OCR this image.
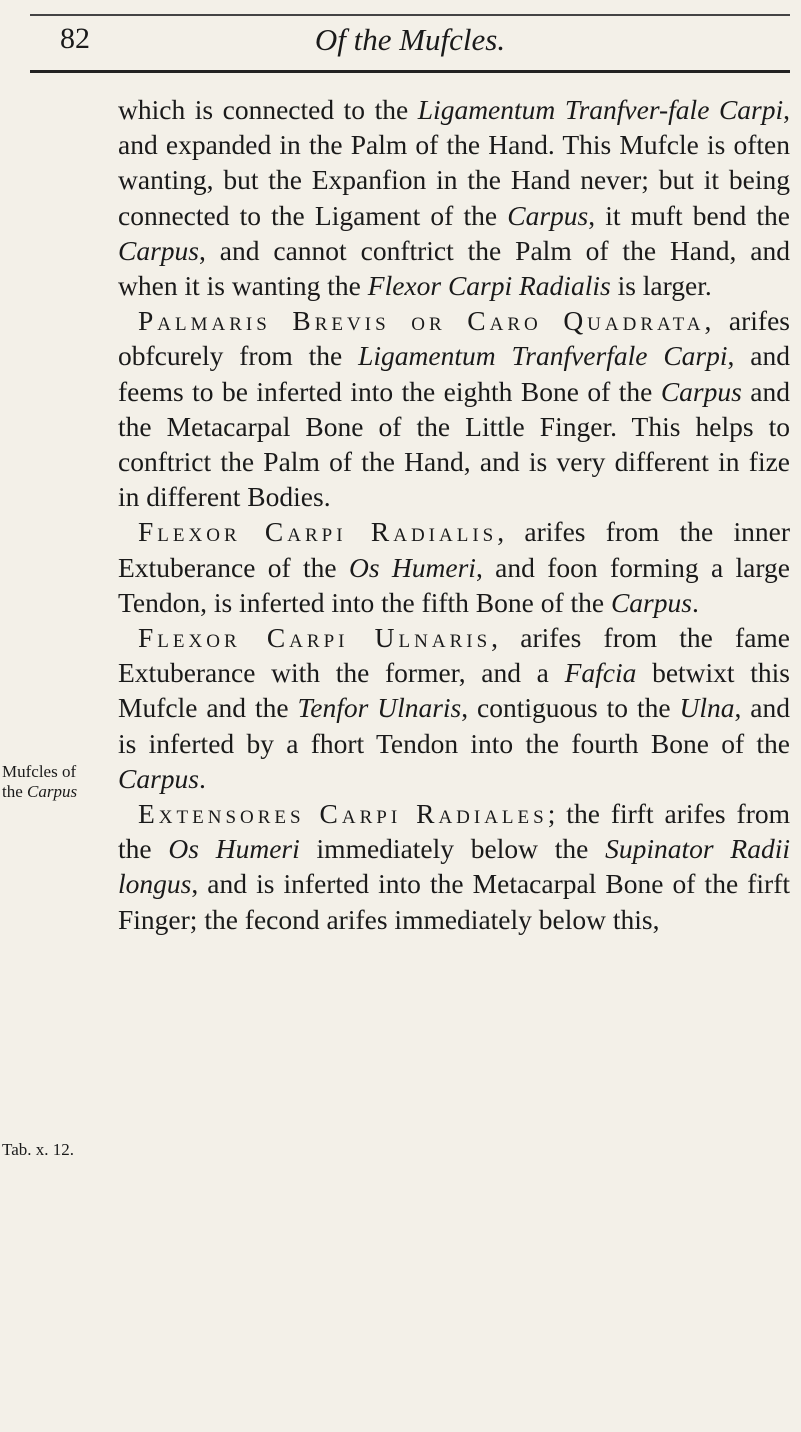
82	Of the Mufcles.
Mufcles of
the Carpus
Tab. x. 12.

which is connected to the Ligamentum Tranfver-fale Carpi, and expanded in the Palm of the Hand. This Mufcle is often wanting, but the Expanfion in the Hand never; but it being connected to the Ligament of the Carpus, it muft bend the Carpus, and cannot conftrict the Palm of the Hand, and when it is wanting the Flexor Carpi Radialis is larger.

Palmaris Brevis or Caro Quadrata, arifes obfcurely from the Ligamentum Tranfverfale Carpi, and feems to be inferted into the eighth Bone of the Carpus and the Metacarpal Bone of the Little Finger. This helps to conftrict the Palm of the Hand, and is very different in fize in different Bodies.

Flexor Carpi Radialis, arifes from the inner Extuberance of the Os Humeri, and foon forming a large Tendon, is inferted into the fifth Bone of the Carpus.

Flexor Carpi Ulnaris, arifes from the fame Extuberance with the former, and a Fafcia betwixt this Mufcle and the Tenfor Ulnaris, contiguous to the Ulna, and is inferted by a fhort Tendon into the fourth Bone of the Carpus.

Extensores Carpi Radiales; the firft arifes from the Os Humeri immediately below the Supinator Radii longus, and is inferted into the Metacarpal Bone of the firft Finger; the fecond arifes immediately below this,
